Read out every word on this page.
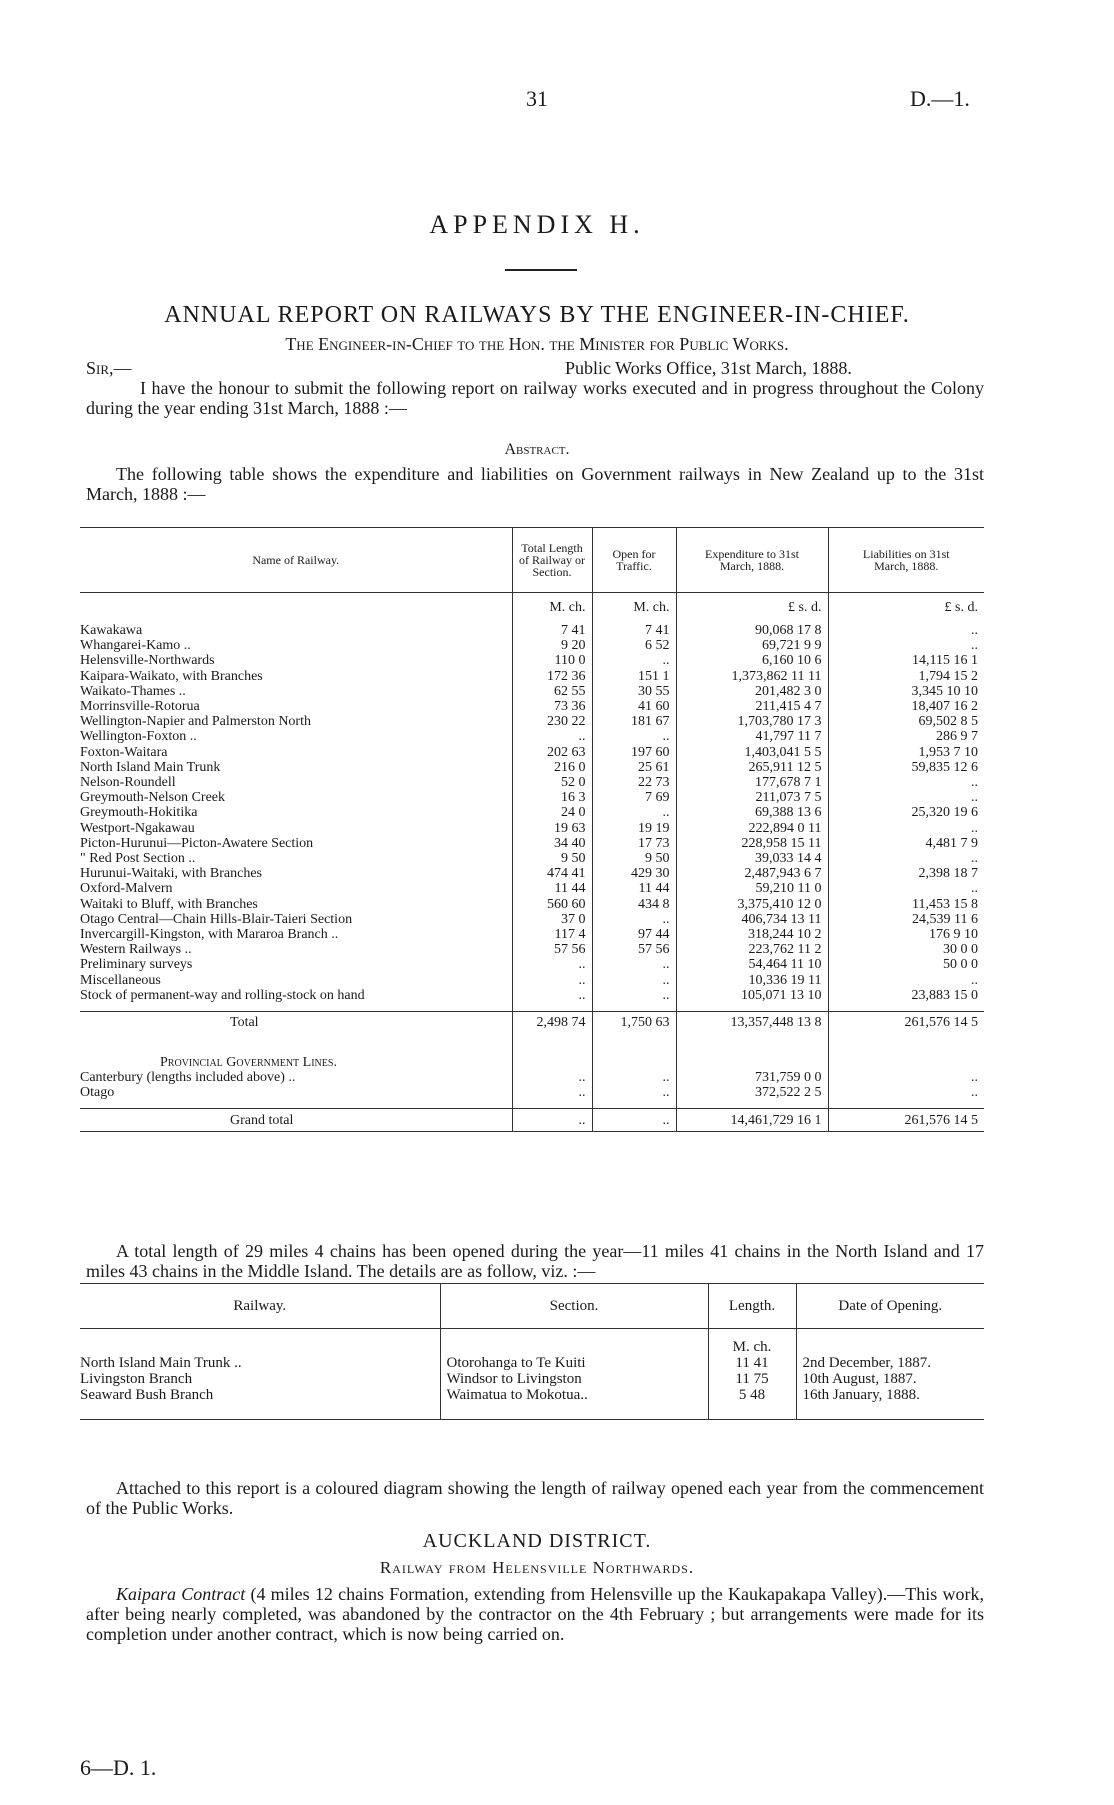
31	D.—1.
APPENDIX H.
ANNUAL REPORT ON RAILWAYS BY THE ENGINEER-IN-CHIEF.
The Engineer-in-Chief to the Hon. the Minister for Public Works.
Sir,—	Public Works Office, 31st March, 1888.
I have the honour to submit the following report on railway works executed and in progress throughout the Colony during the year ending 31st March, 1888 :—
Abstract.
The following table shows the expenditure and liabilities on Government railways in New Zealand up to the 31st March, 1888 :—
Name of Railway.	Total Length of Railway or Section.	Open for Traffic.	Expenditure to 31st March, 1888.	Liabilities on 31st March, 1888.
	M. ch.	M. ch.	£ s. d.	£ s. d.

Kawakawa	7 41	7 41	90,068 17 8	..
Whangarei-Kamo ..	9 20	6 52	69,721 9 9	..
Helensville-Northwards	110 0	..	6,160 10 6	14,115 16 1
Kaipara-Waikato, with Branches	172 36	151 1	1,373,862 11 11	1,794 15 2
Waikato-Thames ..	62 55	30 55	201,482 3 0	3,345 10 10
Morrinsville-Rotorua	73 36	41 60	211,415 4 7	18,407 16 2
Wellington-Napier and Palmerston North	230 22	181 67	1,703,780 17 3	69,502 8 5
Wellington-Foxton ..	..	..	41,797 11 7	286 9 7
Foxton-Waitara	202 63	197 60	1,403,041 5 5	1,953 7 10
North Island Main Trunk	216 0	25 61	265,911 12 5	59,835 12 6
Nelson-Roundell	52 0	22 73	177,678 7 1	..
Greymouth-Nelson Creek	16 3	7 69	211,073 7 5	..
Greymouth-Hokitika	24 0	..	69,388 13 6	25,320 19 6
Westport-Ngakawau	19 63	19 19	222,894 0 11	..
Picton-Hurunui—Picton-Awatere Section	34 40	17 73	228,958 15 11	4,481 7 9
" Red Post Section ..	9 50	9 50	39,033 14 4	..
Hurunui-Waitaki, with Branches	474 41	429 30	2,487,943 6 7	2,398 18 7
Oxford-Malvern	11 44	11 44	59,210 11 0	..
Waitaki to Bluff, with Branches	560 60	434 8	3,375,410 12 0	11,453 15 8
Otago Central—Chain Hills-Blair-Taieri Section	37 0	..	406,734 13 11	24,539 11 6
Invercargill-Kingston, with Mararoa Branch ..	117 4	97 44	318,244 10 2	176 9 10
Western Railways ..	57 56	57 56	223,762 11 2	30 0 0
Preliminary surveys	..	..	54,464 11 10	50 0 0
Miscellaneous	..	..	10,336 19 11	..
Stock of permanent-way and rolling-stock on hand	..	..	105,071 13 10	23,883 15 0

Total	2,498 74	1,750 63	13,357,448 13 8	261,576 14 5
Provincial Government Lines.				
Canterbury (lengths included above) ..	..	..	731,759 0 0	..
Otago	..	..	372,522 2 5	..

Grand total	..	..	14,461,729 16 1	261,576 14 5
A total length of 29 miles 4 chains has been opened during the year—11 miles 41 chains in the North Island and 17 miles 43 chains in the Middle Island. The details are as follow, viz. :—
Railway.	Section.	Length.	Date of Opening.
		M. ch.	
North Island Main Trunk ..	Otorohanga to Te Kuiti	11 41	2nd December, 1887.
Livingston Branch	Windsor to Livingston	11 75	10th August, 1887.
Seaward Bush Branch	Waimatua to Mokotua..	5 48	16th January, 1888.

Attached to this report is a coloured diagram showing the length of railway opened each year from the commencement of the Public Works.
AUCKLAND DISTRICT.
Railway from Helensville Northwards.
Kaipara Contract (4 miles 12 chains Formation, extending from Helensville up the Kaukapakapa Valley).—This work, after being nearly completed, was abandoned by the contractor on the 4th February ; but arrangements were made for its completion under another contract, which is now being carried on.
6—D. 1.
